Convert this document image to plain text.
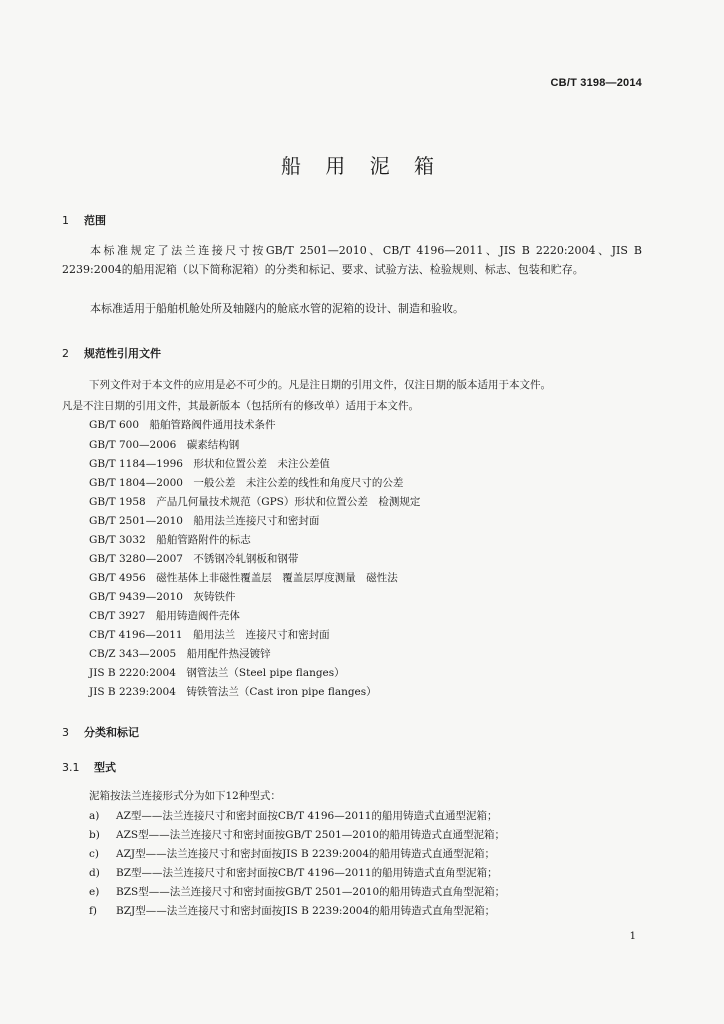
CB/T 3198—2014
船 用 泥 箱
1 范围
本标准规定了法兰连接尺寸按GB/T 2501—2010、CB/T 4196—2011、JIS B 2220:2004、JIS B 2239:2004的船用泥箱（以下简称泥箱）的分类和标记、要求、试验方法、检验规则、标志、包装和贮存。
本标准适用于船舶机舱处所及轴隧内的舱底水管的泥箱的设计、制造和验收。
2 规范性引用文件
下列文件对于本文件的应用是必不可少的。凡是注日期的引用文件，仅注日期的版本适用于本文件。
凡是不注日期的引用文件，其最新版本（包括所有的修改单）适用于本文件。
GB/T 600　船舶管路阀件通用技术条件
GB/T 700—2006　碳素结构钢
GB/T 1184—1996　形状和位置公差　未注公差值
GB/T 1804—2000　一般公差　未注公差的线性和角度尺寸的公差
GB/T 1958　产品几何量技术规范（GPS）形状和位置公差　检测规定
GB/T 2501—2010　船用法兰连接尺寸和密封面
GB/T 3032　船舶管路附件的标志
GB/T 3280—2007　不锈钢冷轧钢板和钢带
GB/T 4956　磁性基体上非磁性覆盖层　覆盖层厚度测量　磁性法
GB/T 9439—2010　灰铸铁件
CB/T 3927　船用铸造阀件壳体
CB/T 4196—2011　船用法兰　连接尺寸和密封面
CB/Z 343—2005　船用配件热浸镀锌
JIS B 2220:2004　钢管法兰（Steel pipe flanges）
JIS B 2239:2004　铸铁管法兰（Cast iron pipe flanges）
3 分类和标记
3.1 型式
泥箱按法兰连接形式分为如下12种型式：
a) AZ型——法兰连接尺寸和密封面按CB/T 4196—2011的船用铸造式直通型泥箱；
b) AZS型——法兰连接尺寸和密封面按GB/T 2501—2010的船用铸造式直通型泥箱；
c) AZJ型——法兰连接尺寸和密封面按JIS B 2239:2004的船用铸造式直通型泥箱；
d) BZ型——法兰连接尺寸和密封面按CB/T 4196—2011的船用铸造式直角型泥箱；
e) BZS型——法兰连接尺寸和密封面按GB/T 2501—2010的船用铸造式直角型泥箱；
f) BZJ型——法兰连接尺寸和密封面按JIS B 2239:2004的船用铸造式直角型泥箱；
1
